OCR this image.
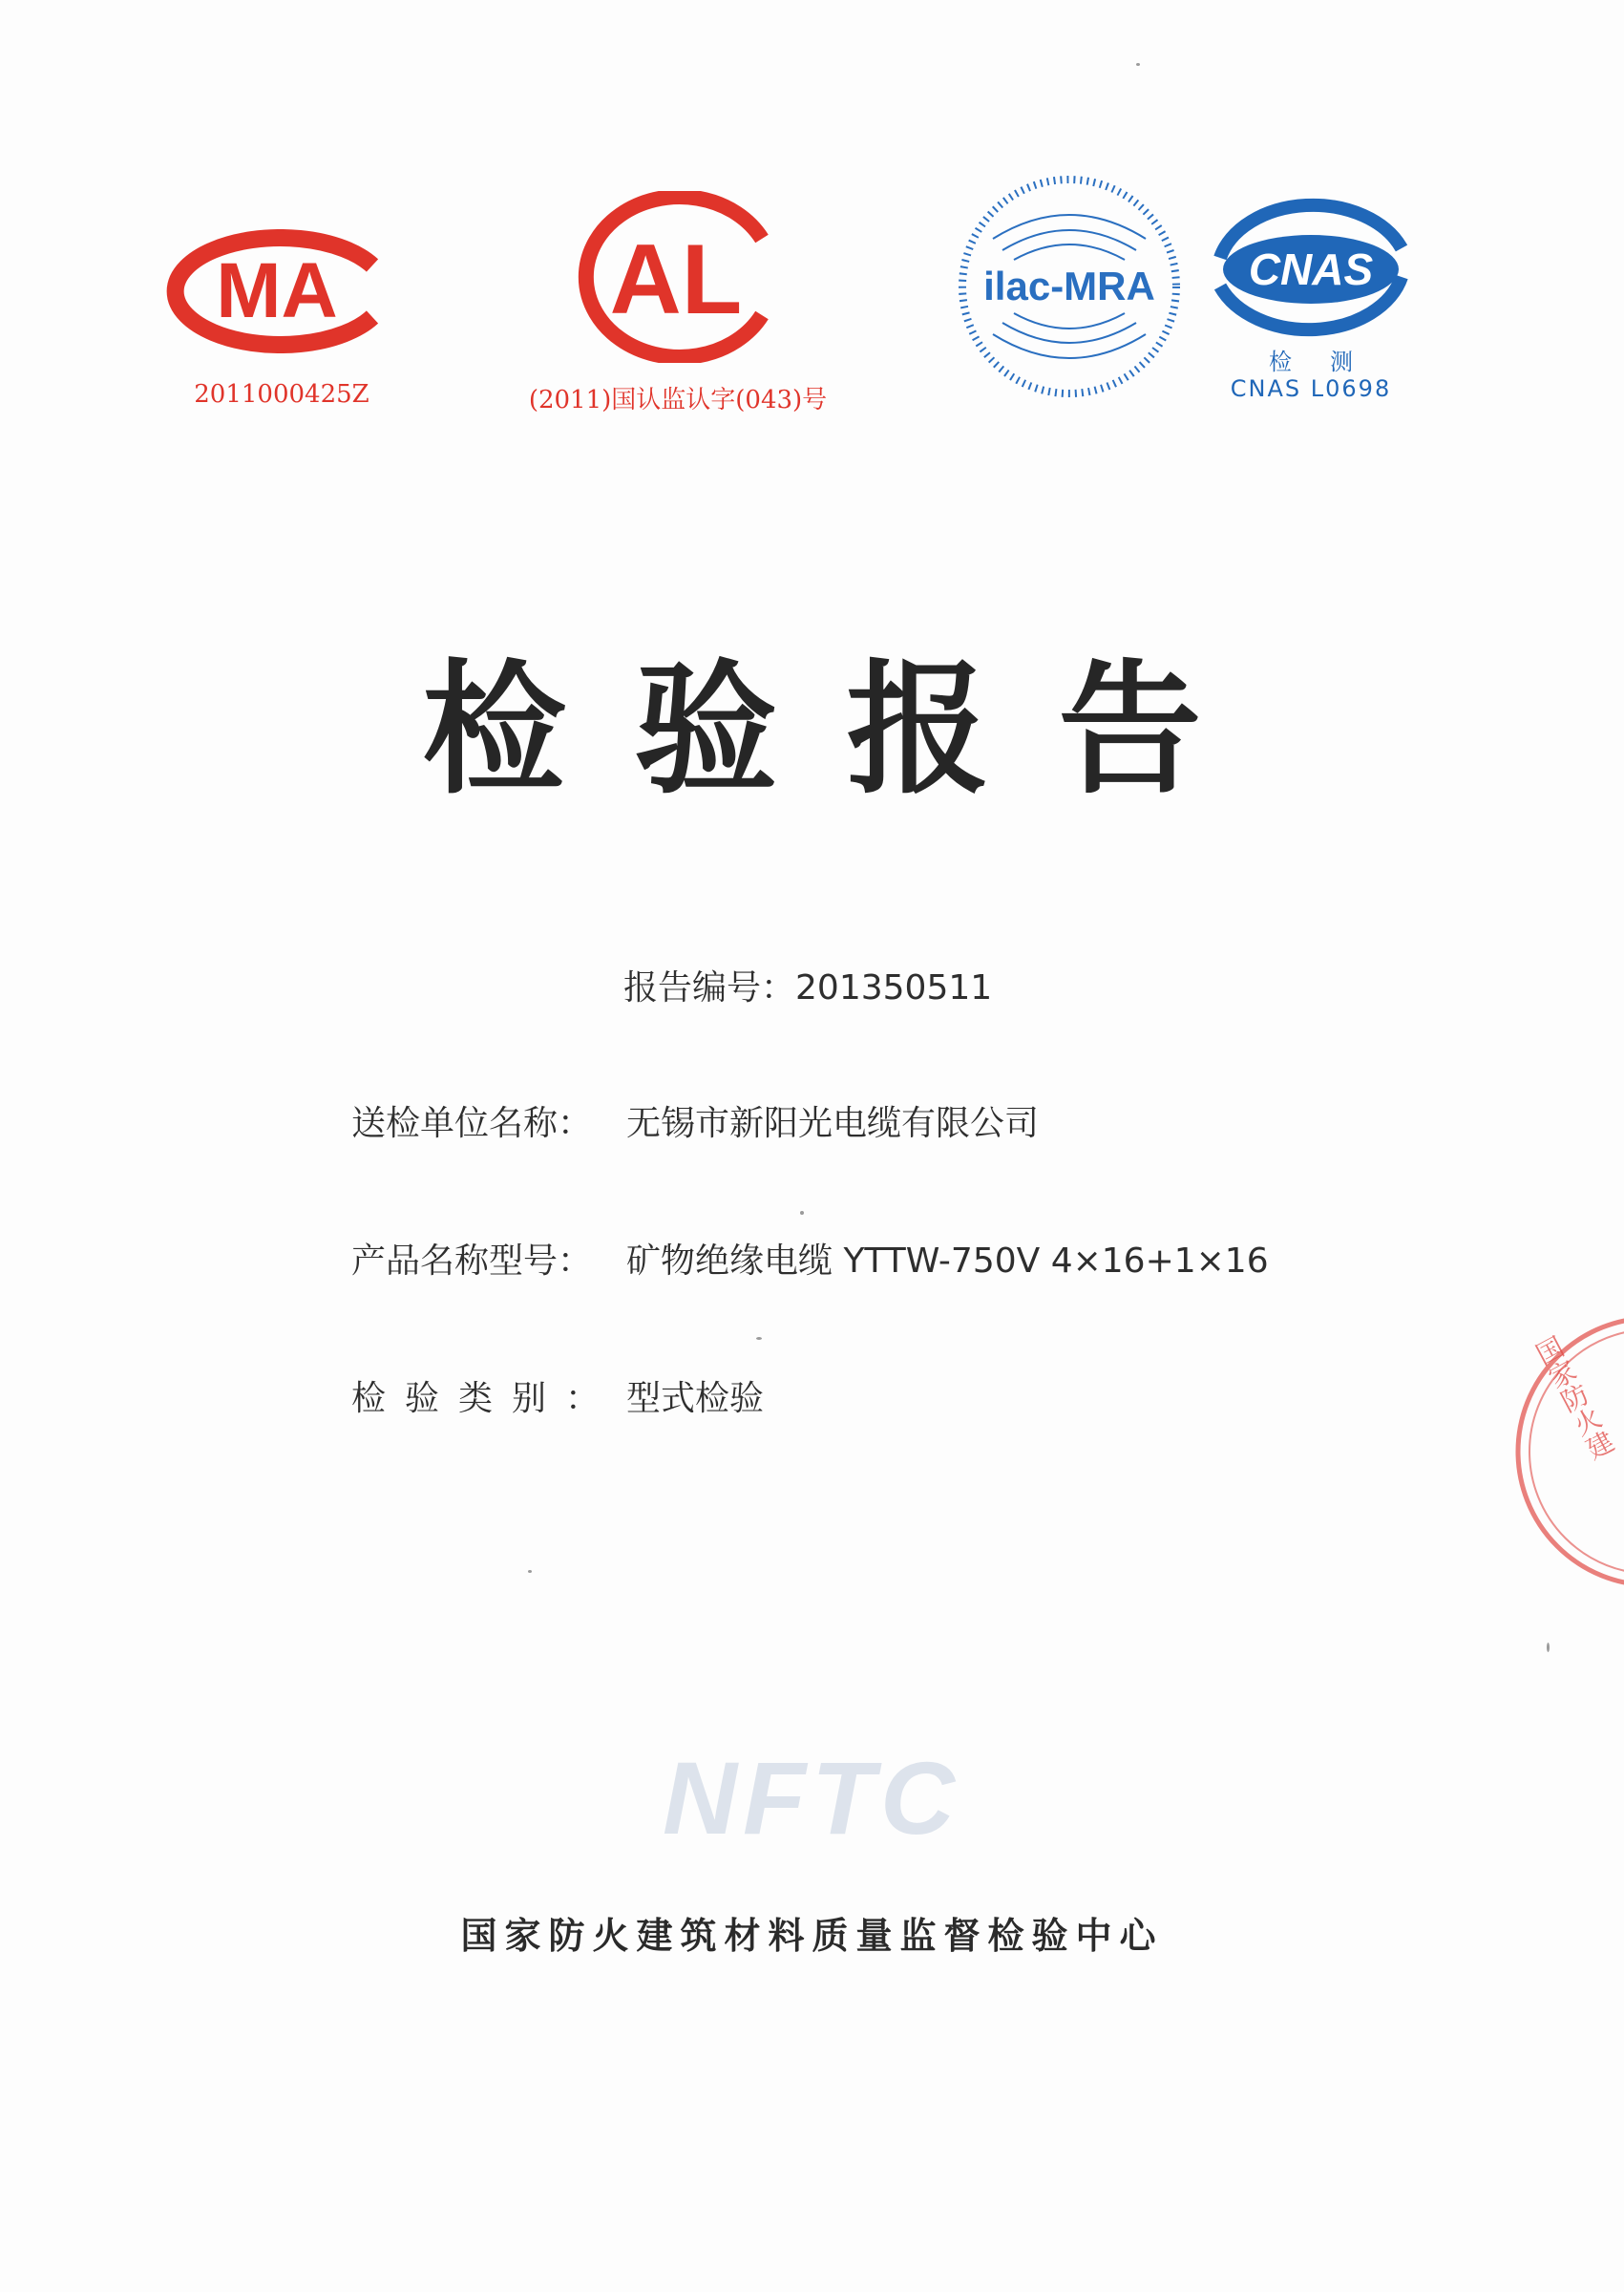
MA
2011000425Z
AL
(2011)国认监认字(043)号
ilac-MRA CNAS
检测
CNAS L0698
检验报告
报告编号：201350511
送检单位名称： 无锡市新阳光电缆有限公司
产品名称型号： 矿物绝缘电缆 YTTW-750V 4×16+1×16
检验类别： 型式检验
NFTC
国家防火建筑材料质量监督检验中心
国家防火建
